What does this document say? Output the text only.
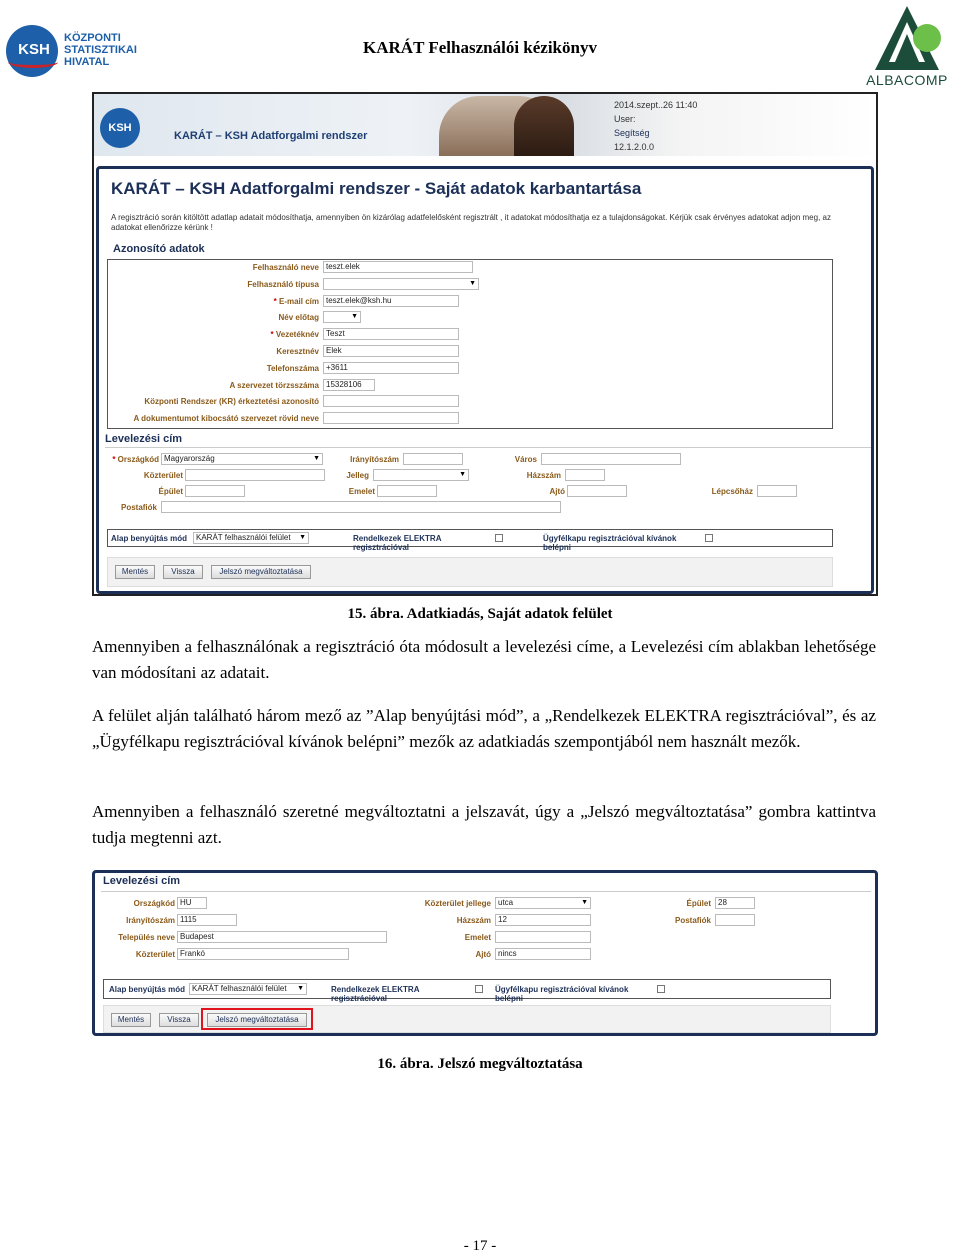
KSH
KÖZPONTI
STATISZTIKAI
HIVATAL
KARÁT Felhasználói kézikönyv
ALBACOMP
KSH
KARÁT – KSH Adatforgalmi rendszer
2014.szept..26 11:40
User:
Segítség
12.1.2.0.0
KARÁT – KSH Adatforgalmi rendszer - Saját adatok karbantartása
A regisztráció során kitöltött adatlap adatait módosíthatja, amennyiben ön kizárólag adatfelelősként regisztrált , it adatokat módosíthatja ez a tulajdonságokat. Kérjük csak érvényes adatokat adjon meg, az adatokat ellenőrizze kérünk !
Azonosító adatok
Felhasználó neve teszt.elek
Felhasználó típusa
▼
* E-mail cím teszt.elek@ksh.hu
Név előtag
▼
* Vezetéknév Teszt
Keresztnév Elek
Telefonszáma +3611
A szervezet törzsszáma 15328106
Központi Rendszer (KR) érkeztetési azonosító
A dokumentumot kibocsátó szervezet rövid neve
Levelezési cím
* Országkód Magyarország ▼	Irányítószám	Város
Közterület	Jelleg
▼	Házszám
Épület	Emelet	Ajtó	Lépcsőház
Postafiók
Alap benyújtás mód	KARÁT felhasználói felület ▼	Rendelkezek ELEKTRA regisztrációval
Ügyfélkapu regisztrációval kívánok belépni
Mentés	Vissza	Jelszó megváltoztatása
15. ábra. Adatkiadás, Saját adatok felület
Amennyiben a felhasználónak a regisztráció óta módosult a levelezési címe, a Levelezési cím ablakban lehetősége van módosítani az adatait.
A felület alján található három mező az ”Alap benyújtási mód”, a „Rendelkezek ELEKTRA regisztrációval”, és az „Ügyfélkapu regisztrációval kívánok belépni” mezők az adatkiadás szempontjából nem használt mezők.
Amennyiben a felhasználó szeretné megváltoztatni a jelszavát, úgy a „Jelszó megváltoztatása” gombra kattintva tudja megtenni azt.
Levelezési cím
Országkód HU
Irányítószám 1115
Település neve Budapest
Közterület Frankó
Közterület jellege utca ▼
Házszám 12
Emelet
Ajtó nincs
Épület 28
Postafiók
Alap benyújtás mód KARÁT felhasználói felület ▼	Rendelkezek ELEKTRA regisztrációval
Ügyfélkapu regisztrációval kívánok belépni
Mentés	Vissza	Jelszó megváltoztatása
16. ábra. Jelszó megváltoztatása
- 17 -
